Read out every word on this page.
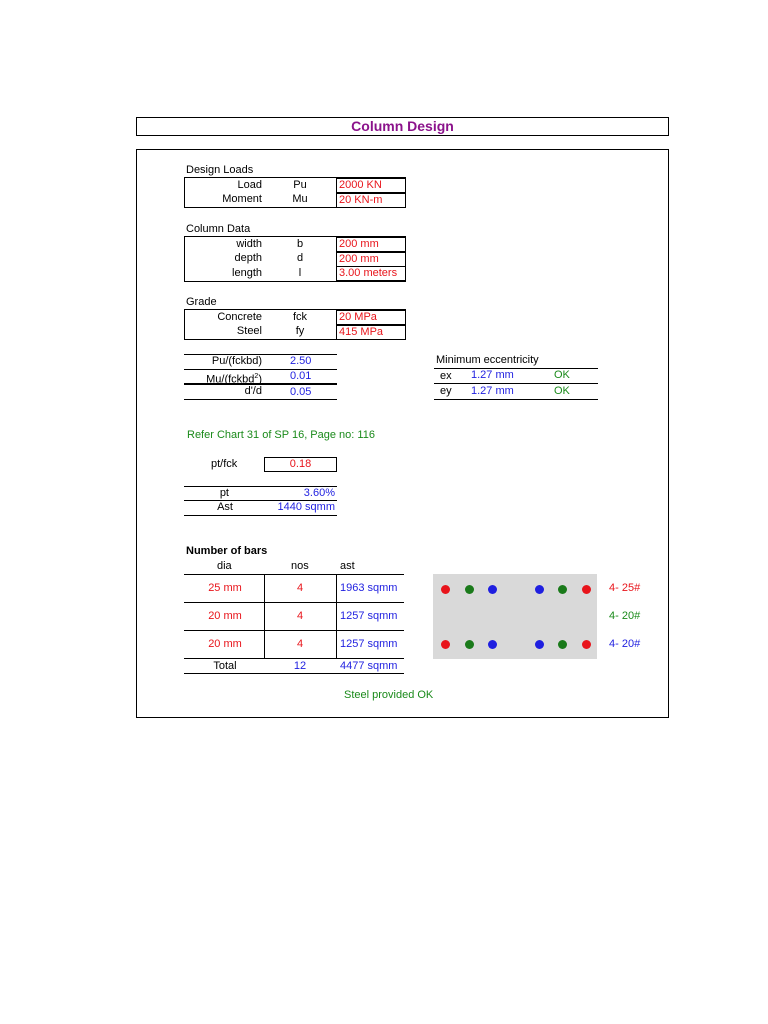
Column Design
Design Loads
Load	Pu	2000 KN
Moment	Mu	20 KN-m
Column Data
width	b	200 mm
depth	d	200 mm
length	l	3.00 meters
Grade
Concrete	fck	20 MPa
Steel	fy	415 MPa
Pu/(fckbd)	2.50
Mu/(fckbd$^2$)	0.01
d'/d	0.05
Minimum eccentricity
ex 1.27 mm	OK
ey 1.27 mm	OK
Refer Chart 31 of SP 16, Page no: 116
pt/fck	0.18
pt	3.60%
Ast	1440 sqmm
Number of bars
dia	nos	ast
25 mm	4	1963 sqmm
20 mm	4	1257 sqmm
20 mm	4	1257 sqmm
Total	12	4477 sqmm
4- 25#
4- 20#
4- 20#
Steel provided OK
